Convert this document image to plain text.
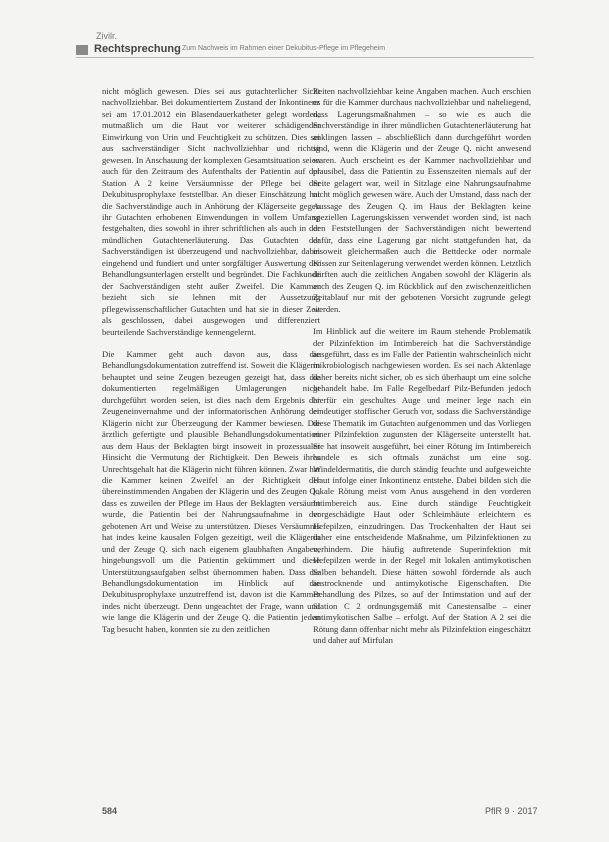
Zivilr.
Rechtsprechung Zum Nachweis im Rahmen einer Dekubitus-Pflege im Pflegeheim

nicht möglich gewesen. Dies sei aus gutachterlicher Sicht nachvollziehbar. Bei dokumentiertem Zustand der Inkontinenz sei am 17.01.2012 ein Blasendauerkatheter gelegt worden, mutmaßlich um die Haut vor weiterer schädigender Einwirkung von Urin und Feuchtigkeit zu schützen. Dies sei aus sachverständiger Sicht nachvollziehbar und richtig gewesen. In Anschauung der komplexen Gesamtsituation seien auch für den Zeitraum des Aufenthalts der Patientin auf der Station A 2 keine Versäumnisse der Pflege bei der Dekubitusprophylaxe feststellbar. An dieser Einschätzung hat die Sachverständige auch in Anhörung der Klägerseite gegen ihr Gutachten erhobenen Einwendungen in vollem Umfang festgehalten, dies sowohl in ihrer schriftlichen als auch in der mündlichen Gutachtenerläuterung. Das Gutachten der Sachverständigen ist überzeugend und nachvollziehbar, dabei eingehend und fundiert und unter sorgfältiger Auswertung der Behandlungsunterlagen erstellt und begründet. Die Fachkunde der Sachverständigen steht außer Zweifel. Die Kammer bezieht sich sie lehnen mit der Aussetzung pflegewissenschaftlicher Gutachten und hat sie in dieser Zeit als geschlossen, dabei ausgewogen und differenziert beurteilende Sachverständige kennengelernt.

Die Kammer geht auch davon aus, dass die Behandlungsdokumentation zutreffend ist. Soweit die Klägerin behauptet und seine Zeugen bezeugen gezeigt hat, dass die dokumentierten regelmäßigen Umlagerungen nicht durchgeführt worden seien, ist dies nach dem Ergebnis der Zeugeneinvernahme und der informatorischen Anhörung der Klägerin nicht zur Überzeugung der Kammer bewiesen. Die ärztlich gefertigte und plausible Behandlungsdokumentation aus dem Haus der Beklagten birgt insoweit in prozessualer Hinsicht die Vermutung der Richtigkeit. Den Beweis ihres Unrechtsgehalt hat die Klägerin nicht führen können. Zwar hat die Kammer keinen Zweifel an der Richtigkeit der übereinstimmenden Angaben der Klägerin und des Zeugen Q., dass es zuweilen der Pflege im Haus der Beklagten versäumt wurde, die Patientin bei der Nahrungsaufnahme in der gebotenen Art und Weise zu unterstützen. Dieses Versäumnis hat indes keine kausalen Folgen gezeitigt, weil die Klägerin und der Zeuge Q. sich nach eigenem glaubhaften Angaben, hingebungsvoll um die Patientin gekümmert und diese Unterstützungsaufgaben selbst übernommen haben. Dass die Behandlungsdokumentation im Hinblick auf die Dekubitusprophylaxe unzutreffend ist, davon ist die Kammer indes nicht überzeugt. Denn ungeachtet der Frage, wann und wie lange die Klägerin und der Zeuge Q. die Patientin jeden Tag besucht haben, konnten sie zu den zeitlichen

Zeiten nachvollziehbar keine Angaben machen. Auch erschien es für die Kammer durchaus nachvollziehbar und naheliegend, dass Lagerungsmaßnahmen – so wie es auch die Sachverständige in ihrer mündlichen Gutachtenerläuterung hat anklingen lassen – abschließlich dann durchgeführt worden sind, wenn die Klägerin und der Zeuge Q. nicht anwesend waren. Auch erscheint es der Kammer nachvollziehbar und plausibel, dass die Patientin zu Essenszeiten niemals auf der Seite gelagert war, weil in Sitzlage eine Nahrungsaufnahme nicht möglich gewesen wäre. Auch der Umstand, dass nach der Aussage des Zeugen Q. im Haus der Beklagten keine speziellen Lagerungskissen verwendet worden sind, ist nach den Feststellungen der Sachverständigen nicht bewertend dafür, dass eine Lagerung gar nicht stattgefunden hat, da insoweit gleichermaßen auch die Bettdecke oder normale Kissen zur Seitenlagerung verwendet werden können. Letztlich dürften auch die zeitlichen Angaben sowohl der Klägerin als auch des Zeugen Q. im Rückblick auf den zwischenzeitlichen Zeitablauf nur mit der gebotenen Vorsicht zugrunde gelegt werden.

Im Hinblick auf die weitere im Raum stehende Problematik der Pilzinfektion im Intimbereich hat die Sachverständige ausgeführt, dass es im Falle der Patientin wahrscheinlich nicht mikrobiologisch nachgewiesen worden. Es sei nach Aktenlage daher bereits nicht sicher, ob es sich überhaupt um eine solche gehandelt habe. Im Falle Regelbedarf Pilz-Befunden jedoch hierfür ein geschultes Auge und meiner lege nach ein eindeutiger stoffischer Geruch vor, sodass die Sachverständige diese Thematik im Gutachten aufgenommen und das Vorliegen einer Pilzinfektion zugunsten der Klägerseite unterstellt hat. Sie hat insoweit ausgeführt, bei einer Rötung im Intimbereich handele es sich oftmals zunächst um eine sog. Windeldermatitis, die durch ständig feuchte und aufgeweichte Haut infolge einer Inkontinenz entstehe. Dabei bilden sich die lokale Rötung meist vom Anus ausgehend in den vorderen Intimbereich aus. Eine durch ständige Feuchtigkeit vorgeschädigte Haut oder Schleimhäute erleichtern es Hefepilzen, einzudringen. Das Trockenhalten der Haut sei daher eine entscheidende Maßnahme, um Pilzinfektionen zu verhindern. Die häufig auftretende Superinfektion mit Hefepilzen werde in der Regel mit lokalen antimykotischen Salben behandelt. Diese hätten sowohl fördernde als auch austrocknende und antimykotische Eigenschaften. Die Behandlung des Pilzes, so auf der Intimstation und auf der Station C 2 ordnungsgemäß mit Canestensalbe – einer antimykotischen Salbe – erfolgt. Auf der Station A 2 sei die Rötung dann offenbar nicht mehr als Pilzinfektion eingeschätzt und daher auf Mirfulan

584	PflR 9 · 2017
